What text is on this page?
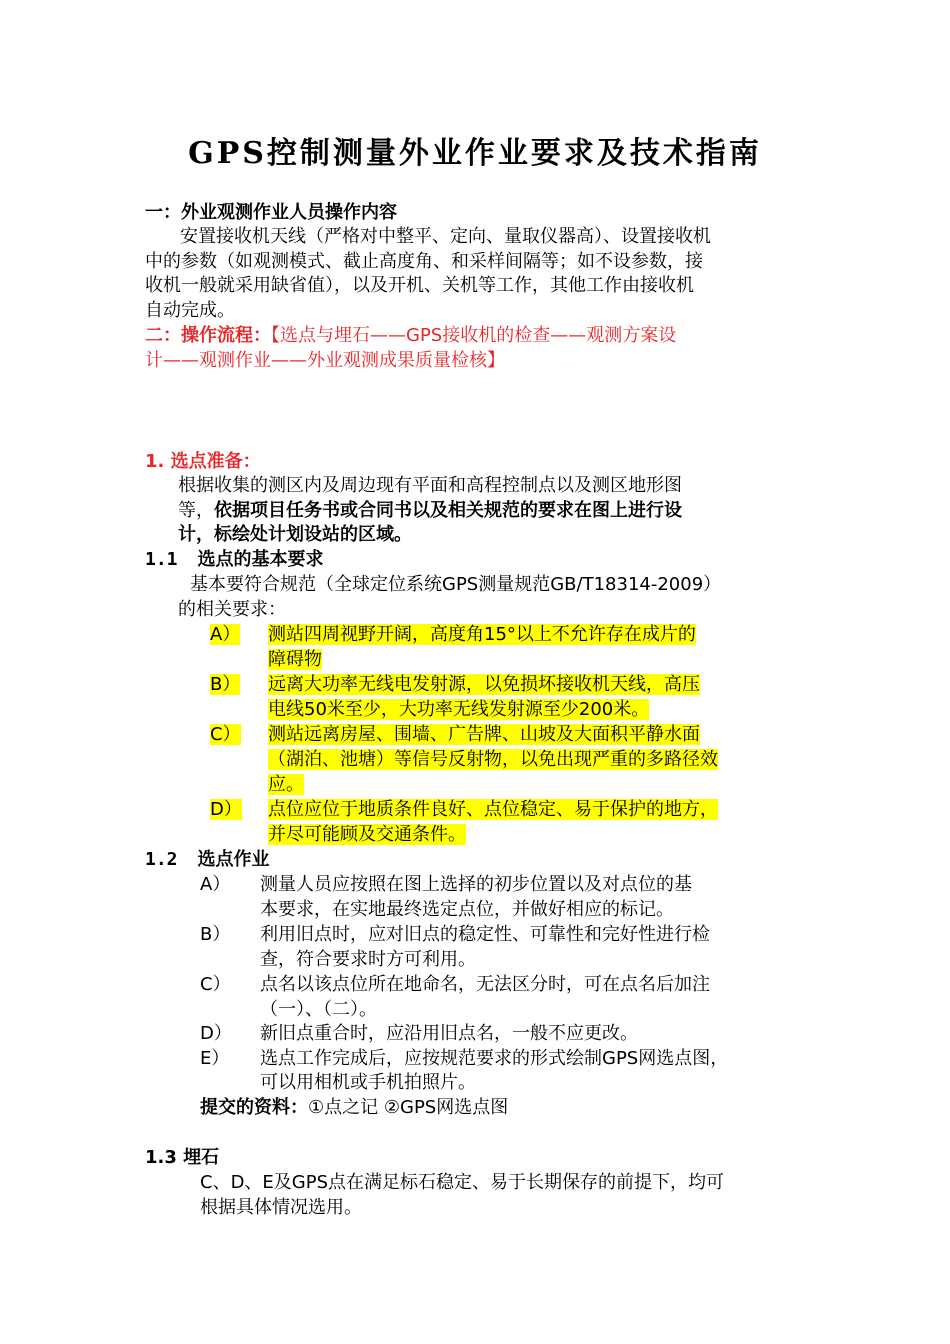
GPS控制测量外业作业要求及技术指南
一：外业观测作业人员操作内容
安置接收机天线（严格对中整平、定向、量取仪器高）、设置接收机
中的参数（如观测模式、截止高度角、和采样间隔等；如不设参数，接
收机一般就采用缺省值），以及开机、关机等工作，其他工作由接收机
自动完成。
二：操作流程：【选点与埋石——GPS接收机的检查——观测方案设
计——观测作业——外业观测成果质量检核】
1. 选点准备：
根据收集的测区内及周边现有平面和高程控制点以及测区地形图
等，依据项目任务书或合同书以及相关规范的要求在图上进行设
计，标绘处计划设站的区域。
1.1 选点的基本要求
基本要符合规范（全球定位系统GPS测量规范GB/T18314-2009）
的相关要求：
A） 测站四周视野开阔，高度角15°以上不允许存在成片的
障碍物
B） 远离大功率无线电发射源，以免损坏接收机天线，高压
电线50米至少，大功率无线发射源至少200米。
C） 测站远离房屋、围墙、广告牌、山坡及大面积平静水面
（湖泊、池塘）等信号反射物，以免出现严重的多路径效
应。
D） 点位应位于地质条件良好、点位稳定、易于保护的地方，
并尽可能顾及交通条件。
1.2 选点作业
A） 测量人员应按照在图上选择的初步位置以及对点位的基
本要求，在实地最终选定点位，并做好相应的标记。
B） 利用旧点时，应对旧点的稳定性、可靠性和完好性进行检
查，符合要求时方可利用。
C） 点名以该点位所在地命名，无法区分时，可在点名后加注
（一）、（二）。
D） 新旧点重合时，应沿用旧点名，一般不应更改。
E） 选点工作完成后，应按规范要求的形式绘制GPS网选点图，
可以用相机或手机拍照片。
提交的资料：①点之记 ②GPS网选点图
1.3 埋石
C、D、E及GPS点在满足标石稳定、易于长期保存的前提下，均可
根据具体情况选用。
